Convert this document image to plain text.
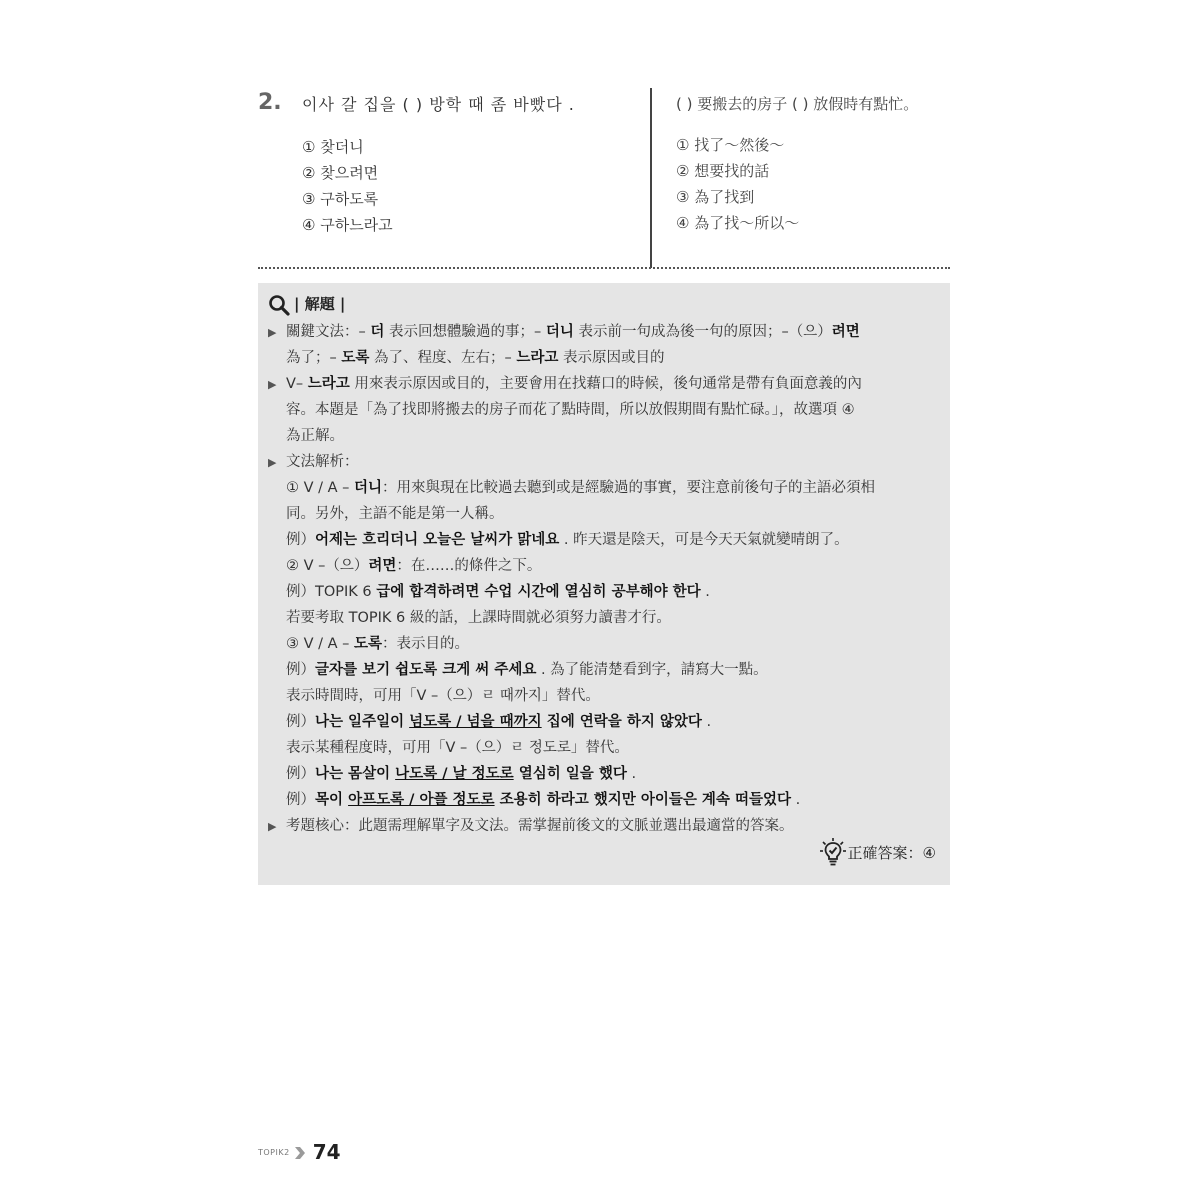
2. 이사 갈 집을 ( ) 방학 때 좀 바빴다 .
① 찾더니
② 찾으려면
③ 구하도록
④ 구하느라고

( ) 要搬去的房子 ( ) 放假時有點忙。

① 找了～然後～
② 想要找的話
③ 為了找到
④ 為了找～所以～
| 解題 |
▶ 關鍵文法：– 더 表示回想體驗過的事；– 더니 表示前一句成為後一句的原因；–（으）려면
為了；– 도록 為了、程度、左右；– 느라고 表示原因或目的
▶ V– 느라고 用來表示原因或目的，主要會用在找藉口的時候，後句通常是帶有負面意義的內
容。本題是「為了找即將搬去的房子而花了點時間，所以放假期間有點忙碌。」，故選項 ④
為正解。
▶ 文法解析：
① V / A – 더니：用來與現在比較過去聽到或是經驗過的事實，要注意前後句子的主語必須相
同。另外，主語不能是第一人稱。
例）어제는 흐리더니 오늘은 날씨가 맑네요 . 昨天還是陰天，可是今天天氣就變晴朗了。
② V –（으）려면：在……的條件之下。
例）TOPIK 6 급에 합격하려면 수업 시간에 열심히 공부해야 한다 .
若要考取 TOPIK 6 級的話，上課時間就必須努力讀書才行。
③ V / A – 도록：表示目的。
例）글자를 보기 쉽도록 크게 써 주세요 . 為了能清楚看到字，請寫大一點。
表示時間時，可用「V –（으）ㄹ 때까지」替代。
例）나는 일주일이 넘도록 / 넘을 때까지 집에 연락을 하지 않았다 .
表示某種程度時，可用「V –（으）ㄹ 정도로」替代。
例）나는 몸살이 나도록 / 날 정도로 열심히 일을 했다 .
例）목이 아프도록 / 아플 정도로 조용히 하라고 했지만 아이들은 계속 떠들었다 .
▶ 考題核心：此題需理解單字及文法。需掌握前後文的文脈並選出最適當的答案。
正確答案：④
TOPIK2 74
